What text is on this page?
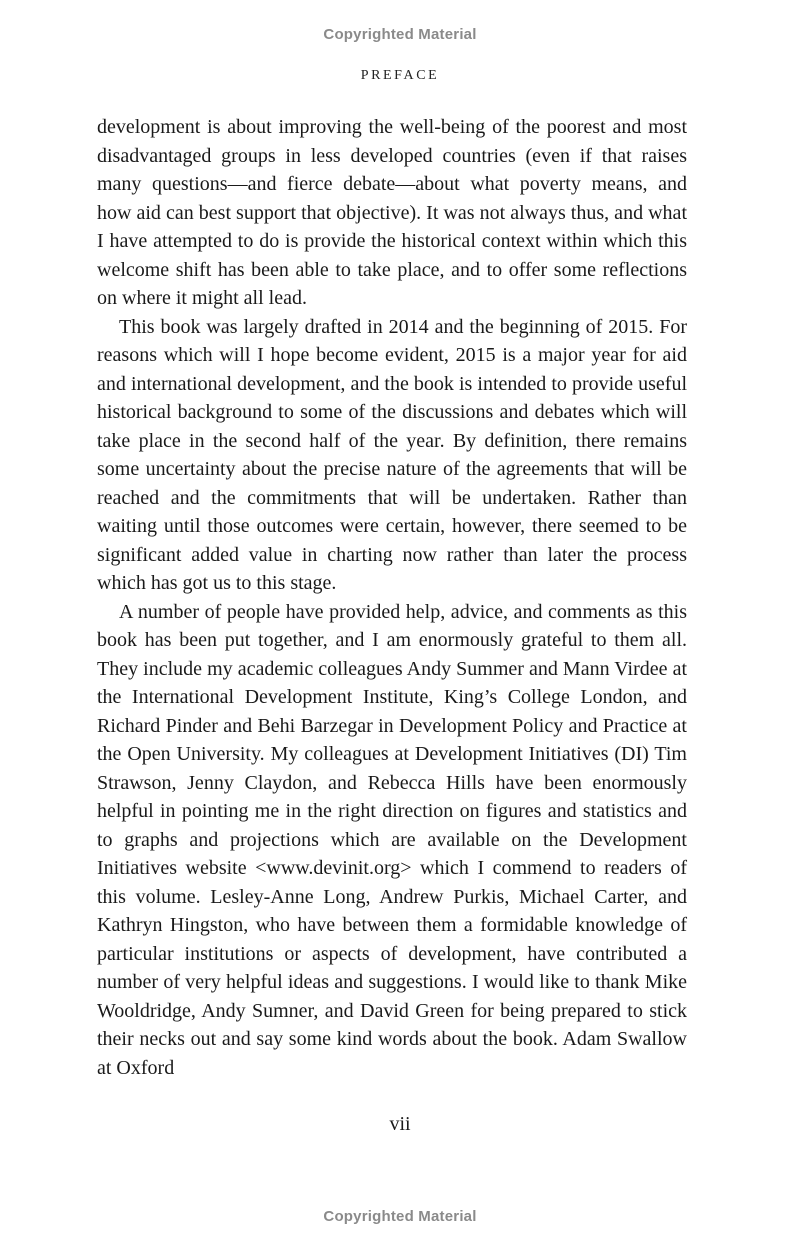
Copyrighted Material
PREFACE

development is about improving the well-being of the poorest and most disadvantaged groups in less developed countries (even if that raises many questions—and fierce debate—about what poverty means, and how aid can best support that objective). It was not always thus, and what I have attempted to do is provide the historical context within which this welcome shift has been able to take place, and to offer some reflections on where it might all lead.

This book was largely drafted in 2014 and the beginning of 2015. For reasons which will I hope become evident, 2015 is a major year for aid and international development, and the book is intended to provide useful historical background to some of the discussions and debates which will take place in the second half of the year. By definition, there remains some uncertainty about the precise nature of the agreements that will be reached and the commitments that will be undertaken. Rather than waiting until those outcomes were certain, however, there seemed to be significant added value in charting now rather than later the process which has got us to this stage.

A number of people have provided help, advice, and comments as this book has been put together, and I am enormously grateful to them all. They include my academic colleagues Andy Summer and Mann Virdee at the International Development Institute, King’s College London, and Richard Pinder and Behi Barzegar in Development Policy and Practice at the Open University. My colleagues at Development Initiatives (DI) Tim Strawson, Jenny Claydon, and Rebecca Hills have been enormously helpful in pointing me in the right direction on figures and statistics and to graphs and projections which are available on the Development Initiatives website <www.devinit.org> which I commend to readers of this volume. Lesley-Anne Long, Andrew Purkis, Michael Carter, and Kathryn Hingston, who have between them a formidable knowledge of particular institutions or aspects of development, have contributed a number of very helpful ideas and suggestions. I would like to thank Mike Wooldridge, Andy Sumner, and David Green for being prepared to stick their necks out and say some kind words about the book. Adam Swallow at Oxford

vii
Copyrighted Material
